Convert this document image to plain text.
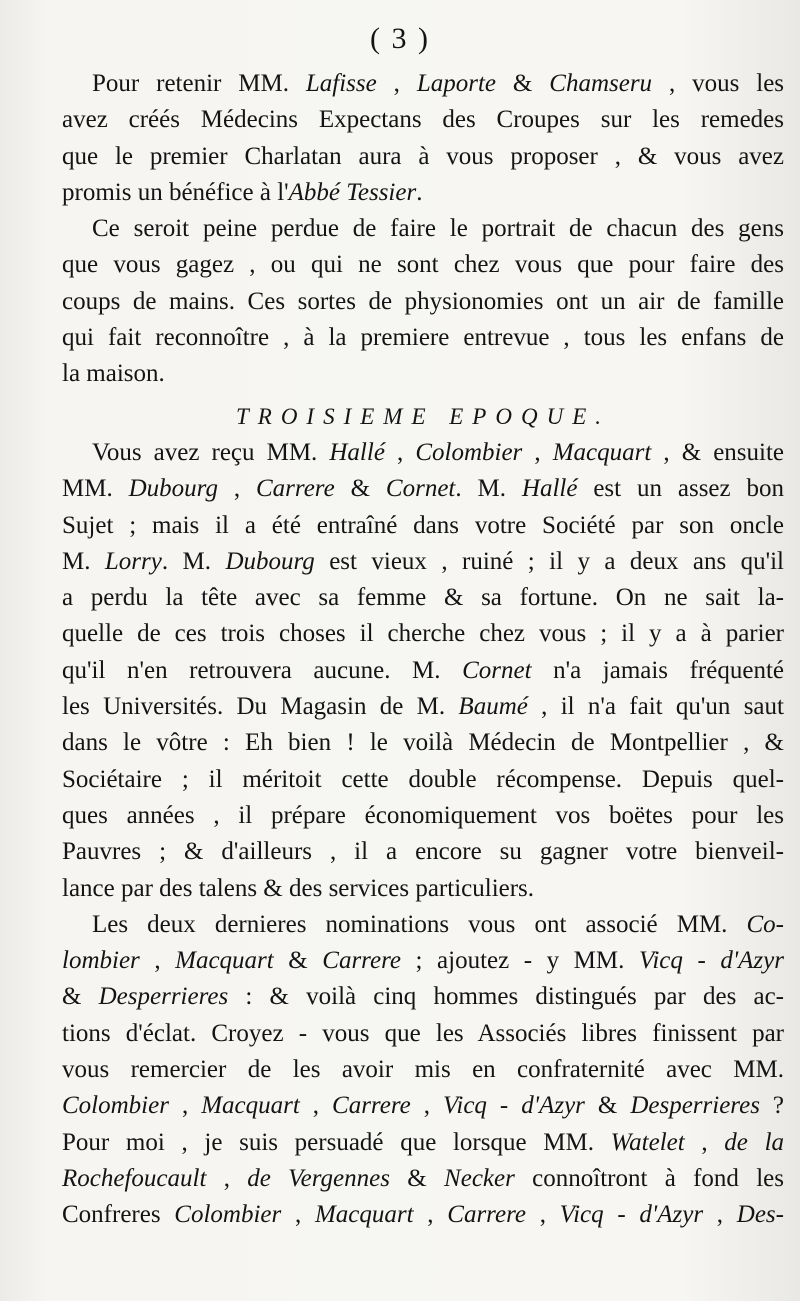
( 3 )
Pour retenir MM. Lafisse , Laporte & Chamseru , vous les
avez créés Médecins Expectans des Croupes sur les remedes
que le premier Charlatan aura à vous proposer , & vous avez
promis un bénéfice à l'Abbé Tessier.
Ce seroit peine perdue de faire le portrait de chacun des gens
que vous gagez , ou qui ne sont chez vous que pour faire des
coups de mains. Ces sortes de physionomies ont un air de famille
qui fait reconnoître , à la premiere entrevue , tous les enfans de
la maison.
TROISIEME EPOQUE.
Vous avez reçu MM. Hallé , Colombier , Macquart , & ensuite
MM. Dubourg , Carrere & Cornet. M. Hallé est un assez bon
Sujet ; mais il a été entraîné dans votre Société par son oncle
M. Lorry. M. Dubourg est vieux , ruiné ; il y a deux ans qu'il
a perdu la tête avec sa femme & sa fortune. On ne sait la-
quelle de ces trois choses il cherche chez vous ; il y a à parier
qu'il n'en retrouvera aucune. M. Cornet n'a jamais fréquenté
les Universités. Du Magasin de M. Baumé , il n'a fait qu'un saut
dans le vôtre : Eh bien ! le voilà Médecin de Montpellier , &
Sociétaire ; il méritoit cette double récompense. Depuis quel-
ques années , il prépare économiquement vos boëtes pour les
Pauvres ; & d'ailleurs , il a encore su gagner votre bienveil-
lance par des talens & des services particuliers.
Les deux dernieres nominations vous ont associé MM. Co-
lombier , Macquart & Carrere ; ajoutez - y MM. Vicq - d'Azyr
& Desperrieres : & voilà cinq hommes distingués par des ac-
tions d'éclat. Croyez - vous que les Associés libres finissent par
vous remercier de les avoir mis en confraternité avec MM.
Colombier , Macquart , Carrere , Vicq - d'Azyr & Desperrieres ?
Pour moi , je suis persuadé que lorsque MM. Watelet , de la
Rochefoucault , de Vergennes & Necker connoîtront à fond les
Confreres Colombier , Macquart , Carrere , Vicq - d'Azyr , Des-
